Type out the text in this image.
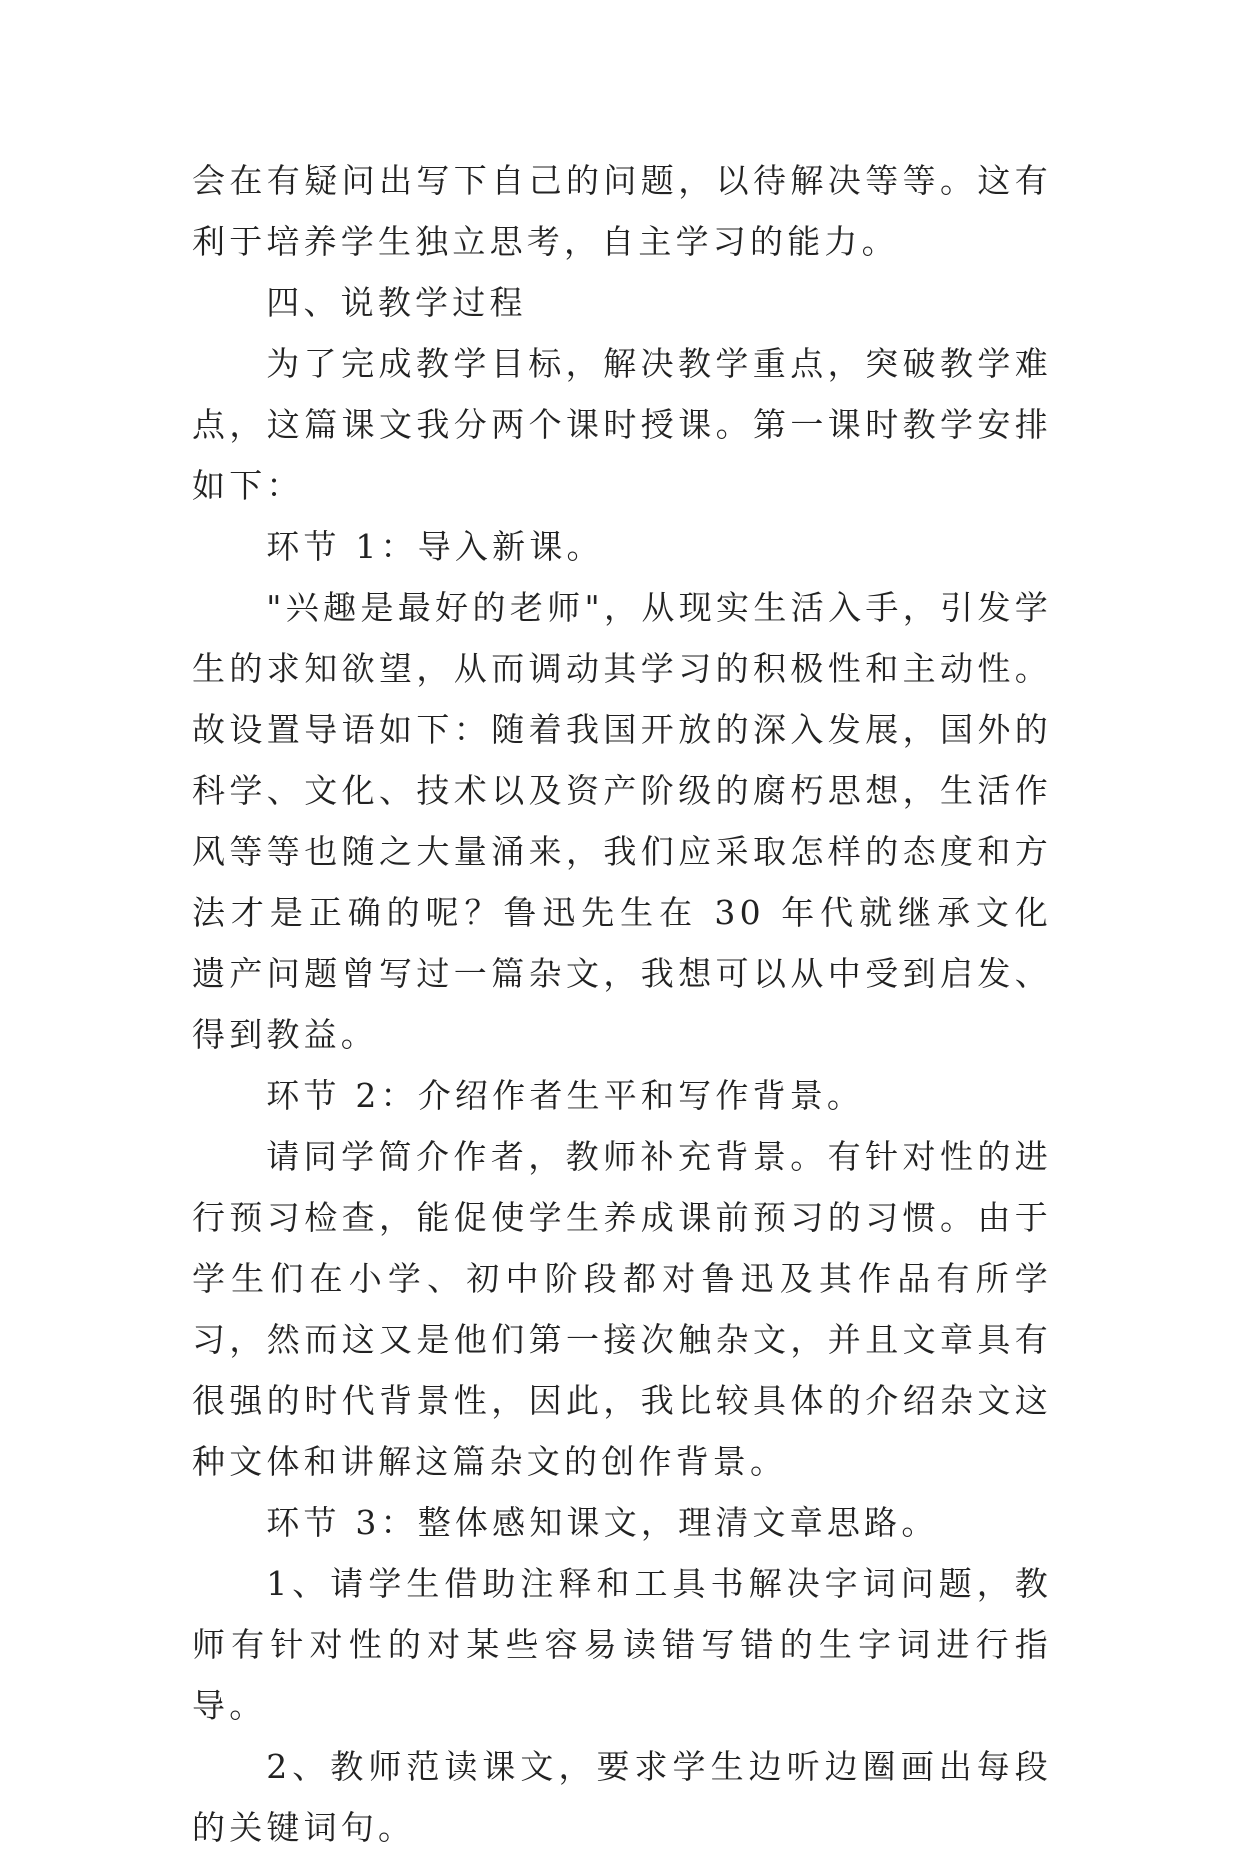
会在有疑问出写下自己的问题，以待解决等等。这有利于培养学生独立思考，自主学习的能力。

四、说教学过程

为了完成教学目标，解决教学重点，突破教学难点，这篇课文我分两个课时授课。第一课时教学安排如下：

环节 1：导入新课。

"兴趣是最好的老师"，从现实生活入手，引发学生的求知欲望，从而调动其学习的积极性和主动性。故设置导语如下：随着我国开放的深入发展，国外的科学、文化、技术以及资产阶级的腐朽思想，生活作风等等也随之大量涌来，我们应采取怎样的态度和方法才是正确的呢？鲁迅先生在 30 年代就继承文化遗产问题曾写过一篇杂文，我想可以从中受到启发、得到教益。

环节 2：介绍作者生平和写作背景。

请同学简介作者，教师补充背景。有针对性的进行预习检查，能促使学生养成课前预习的习惯。由于学生们在小学、初中阶段都对鲁迅及其作品有所学习，然而这又是他们第一接次触杂文，并且文章具有很强的时代背景性，因此，我比较具体的介绍杂文这种文体和讲解这篇杂文的创作背景。

环节 3：整体感知课文，理清文章思路。

1、请学生借助注释和工具书解决字词问题，教师有针对性的对某些容易读错写错的生字词进行指导。

2、教师范读课文，要求学生边听边圈画出每段的关键词句。
